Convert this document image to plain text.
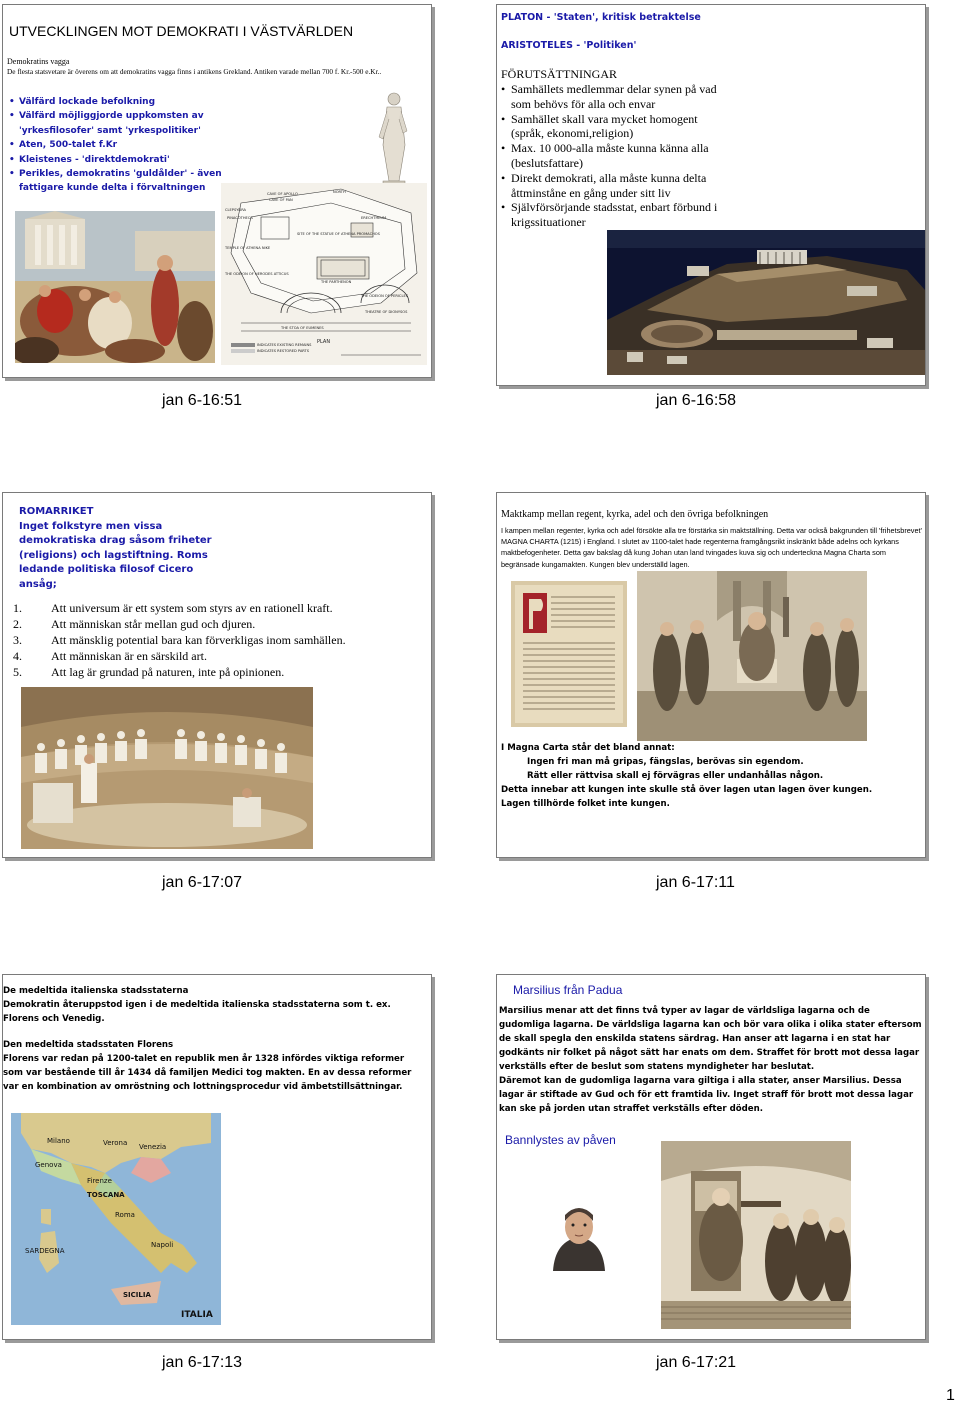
UTVECKLINGEN MOT DEMOKRATI I VÄSTVÄRLDEN
Demokratins vagga
De flesta statsvetare är överens om att demokratins vagga finns i antikens Grekland. Antiken varade mellan 700 f. Kr.-500 e.Kr..
• Välfärd lockade befolkning
• Välfärd möjliggjorde uppkomsten av 'yrkesfilosofer' samt 'yrkespolitiker'
• Aten, 500-talet f.Kr
• Kleistenes - 'direktdemokrati'
• Perikles, demokratins 'guldålder' - även fattigare kunde delta i förvaltningen
CAVE OF APOLLO
CAVE OF PAN
NORTH
CLEPSYDRA
PINACOTHECA
SITE OF THE STATUE OF ATHENA PROMACHOS
ERECHTHEUM
TEMPLE OF ATHENA NIKE
THE PARTHENON
THE ODEION OF HERODES ATTICUS
THE ODEION OF PERICLES
THE STOA OF EUMENES
THEATRE OF DIONYSOS
INDICATES EXISTING REMAINS
INDICATES RESTORED PARTS
PLAN
jan 6-16:51
PLATON - 'Staten', kritisk betraktelse
ARISTOTELES - 'Politiken'
FÖRUTSÄTTNINGAR
• Samhällets medlemmar delar synen på vad som behövs för alla och envar
• Samhället skall vara mycket homogent (språk, ekonomi,religion)
• Max. 10 000-alla måste kunna känna alla (beslutsfattare)
• Direkt demokrati, alla måste kunna delta åttminståne en gång under sitt liv
• Självförsörjande stadsstat, enbart förbund i krigssituationer
jan 6-16:58
ROMARRIKET
Inget folkstyre men vissa demokratiska drag såsom friheter (religions) och lagstiftning. Roms ledande politiska filosof Cicero ansåg;
1. Att universum är ett system som styrs av en rationell kraft.
2. Att människan står mellan gud och djuren.
3. Att mänsklig potential bara kan förverkligas inom samhällen.
4. Att människan är en särskild art.
5. Att lag är grundad på naturen, inte på opinionen.
jan 6-17:07
Maktkamp mellan regent, kyrka, adel och den övriga befolkningen
I kampen mellan regenter, kyrka och adel försökte alla tre förstärka sin maktställning. Detta var också bakgrunden till 'frihetsbrevet' MAGNA CHARTA (1215) i England. I slutet av 1100-talet hade regenterna framgångsrikt inskränkt både adelns och kyrkans maktbefogenheter. Detta gav bakslag då kung Johan utan land tvingades kuva sig och underteckna Magna Charta som begränsade kungamakten. Kungen blev underställd lagen.
I Magna Carta står det bland annat:
Ingen fri man må gripas, fängslas, berövas sin egendom.
Rätt eller rättvisa skall ej förvägras eller undanhållas någon.
Detta innebar att kungen inte skulle stå över lagen utan lagen över kungen.
Lagen tillhörde folket inte kungen.
jan 6-17:11
De medeltida italienska stadsstaterna
Demokratin återuppstod igen i de medeltida italienska stadsstaterna som t. ex. Florens och Venedig.
Den medeltida stadsstaten Florens
Florens var redan på 1200-talet en republik men år 1328 infördes viktiga reformer som var bestående till år 1434 då familjen Medici tog makten. En av dessa reformer var en kombination av omröstning och lottningsprocedur vid ämbetstillsättningar.
Milano	Verona Venezia
Genova
Firenze
TOSCANA
Roma
Napoli
SARDEGNA
SICILIA
ITALIA
jan 6-17:13
Marsilius från Padua
Marsilius menar att det finns två typer av lagar de världsliga lagarna och de gudomliga lagarna. De världsliga lagarna kan och bör vara olika i olika stater eftersom de skall spegla den enskilda statens särdrag. Han anser att lagarna i en stat har godkänts nir folket på något sätt har enats om dem. Straffet för brott mot dessa lagar verkställs efter de beslut som statens myndigheter har beslutat.
Däremot kan de gudomliga lagarna vara giltiga i alla stater, anser Marsilius. Dessa lagar är stiftade av Gud och för ett framtida liv. Inget straff för brott mot dessa lagar kan ske på jorden utan straffet verkställs efter döden.
Bannlystes av påven
jan 6-17:21
1
